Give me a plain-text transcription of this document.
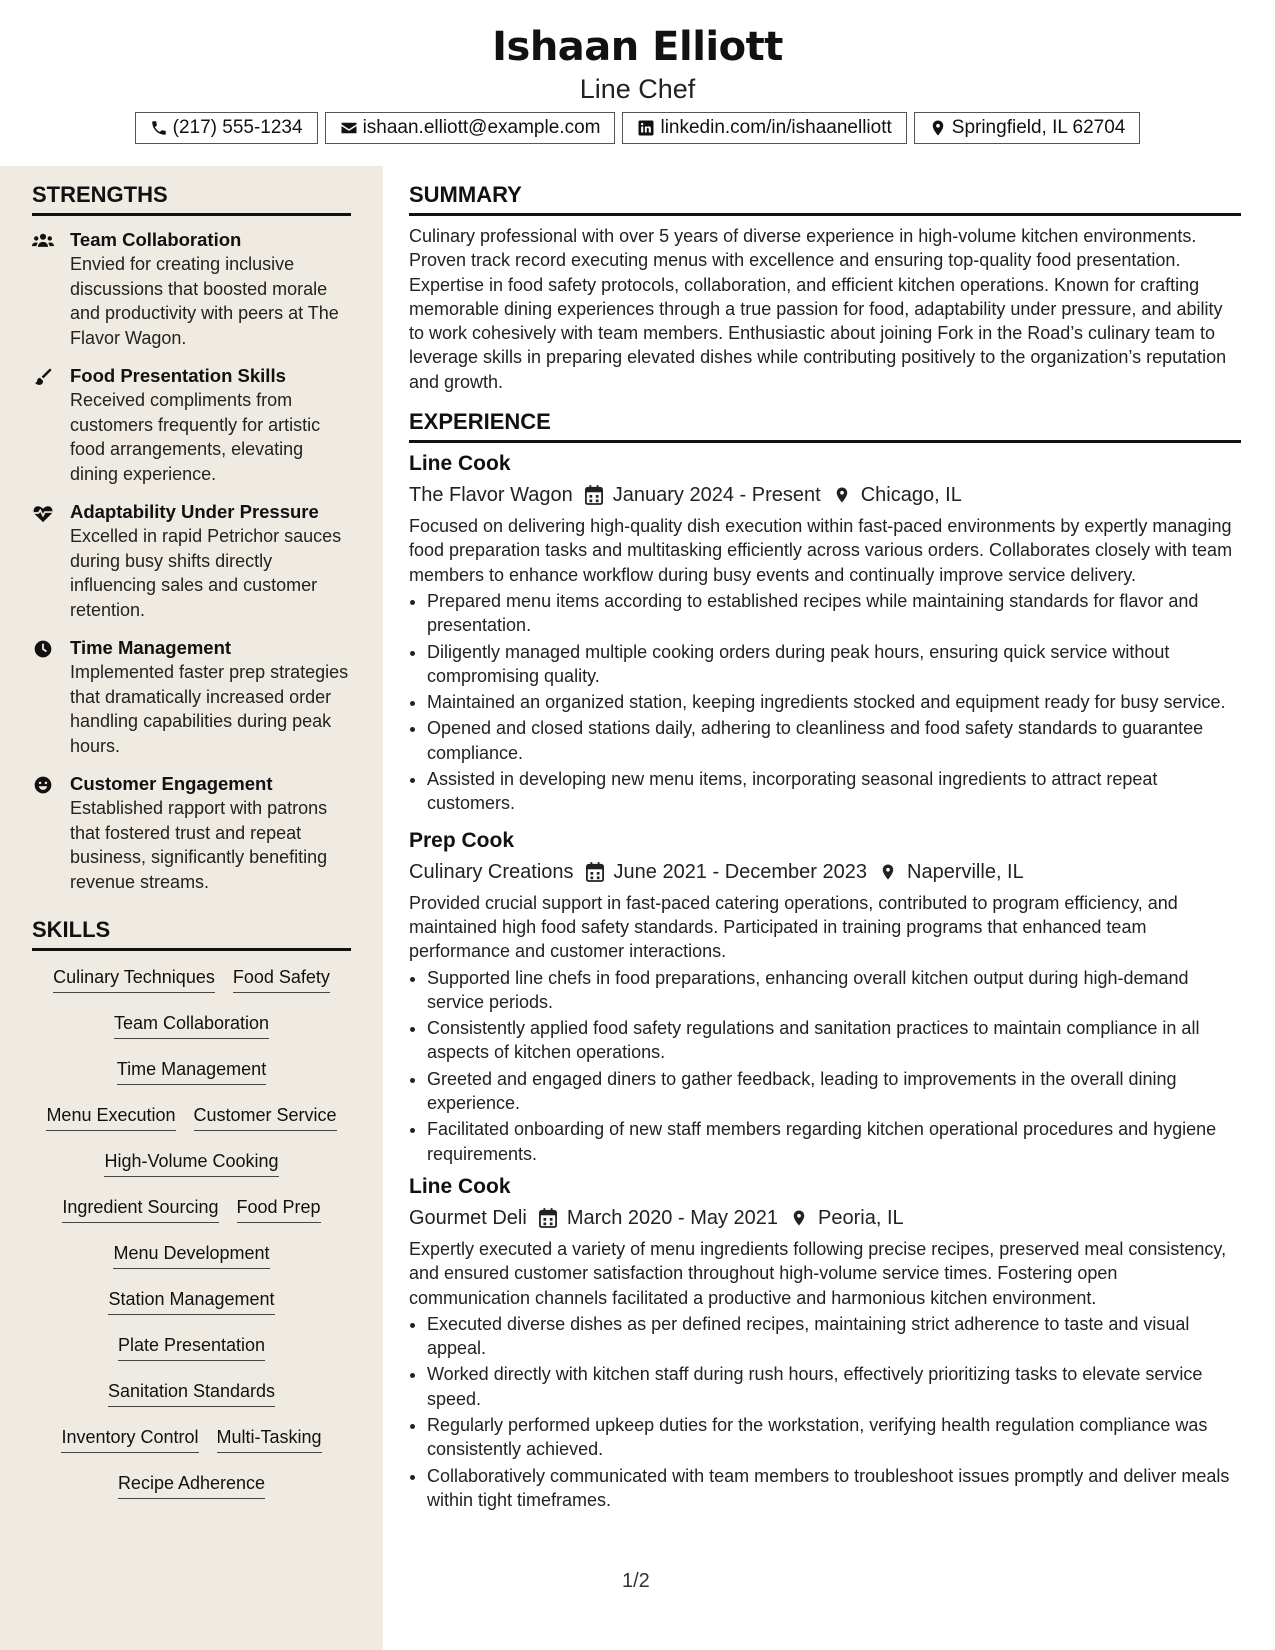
Ishaan Elliott
Line Chef
(217) 555-1234	ishaan.elliott@example.com	linkedin.com/in/ishaanelliott	Springfield, IL 62704
STRENGTHS
Team Collaboration
Envied for creating inclusive discussions that boosted morale and productivity with peers at The Flavor Wagon.
Food Presentation Skills
Received compliments from customers frequently for artistic food arrangements, elevating dining experience.
Adaptability Under Pressure
Excelled in rapid Petrichor sauces during busy shifts directly influencing sales and customer retention.
Time Management
Implemented faster prep strategies that dramatically increased order handling capabilities during peak hours.
Customer Engagement
Established rapport with patrons that fostered trust and repeat business, significantly benefiting revenue streams.
SKILLS
Culinary Techniques Food Safety
Team Collaboration
Time Management
Menu Execution Customer Service
High-Volume Cooking
Ingredient Sourcing Food Prep
Menu Development
Station Management
Plate Presentation
Sanitation Standards
Inventory Control Multi-Tasking
Recipe Adherence
SUMMARY

Culinary professional with over 5 years of diverse experience in high-volume kitchen environments. Proven track record executing menus with excellence and ensuring top-quality food presentation. Expertise in food safety protocols, collaboration, and efficient kitchen operations. Known for crafting memorable dining experiences through a true passion for food, adaptability under pressure, and ability to work cohesively with team members. Enthusiastic about joining Fork in the Road’s culinary team to leverage skills in preparing elevated dishes while contributing positively to the organization’s reputation and growth.

EXPERIENCE
Line Cook
The Flavor Wagon January 2024 - Present Chicago, IL
Focused on delivering high-quality dish execution within fast-paced environments by expertly managing food preparation tasks and multitasking efficiently across various orders. Collaborates closely with team members to enhance workflow during busy events and continually improve service delivery.
• Prepared menu items according to established recipes while maintaining standards for flavor and presentation.
• Diligently managed multiple cooking orders during peak hours, ensuring quick service without compromising quality.
• Maintained an organized station, keeping ingredients stocked and equipment ready for busy service.
• Opened and closed stations daily, adhering to cleanliness and food safety standards to guarantee compliance.
• Assisted in developing new menu items, incorporating seasonal ingredients to attract repeat customers.
Prep Cook
Culinary Creations June 2021 - December 2023 Naperville, IL
Provided crucial support in fast-paced catering operations, contributed to program efficiency, and maintained high food safety standards. Participated in training programs that enhanced team performance and customer interactions.
• Supported line chefs in food preparations, enhancing overall kitchen output during high-demand service periods.
• Consistently applied food safety regulations and sanitation practices to maintain compliance in all aspects of kitchen operations.
• Greeted and engaged diners to gather feedback, leading to improvements in the overall dining experience.
• Facilitated onboarding of new staff members regarding kitchen operational procedures and hygiene requirements.
Line Cook
Gourmet Deli March 2020 - May 2021 Peoria, IL
Expertly executed a variety of menu ingredients following precise recipes, preserved meal consistency, and ensured customer satisfaction throughout high-volume service times. Fostering open communication channels facilitated a productive and harmonious kitchen environment.
• Executed diverse dishes as per defined recipes, maintaining strict adherence to taste and visual appeal.
• Worked directly with kitchen staff during rush hours, effectively prioritizing tasks to elevate service speed.
• Regularly performed upkeep duties for the workstation, verifying health regulation compliance was consistently achieved.
• Collaboratively communicated with team members to troubleshoot issues promptly and deliver meals within tight timeframes.
1/2
